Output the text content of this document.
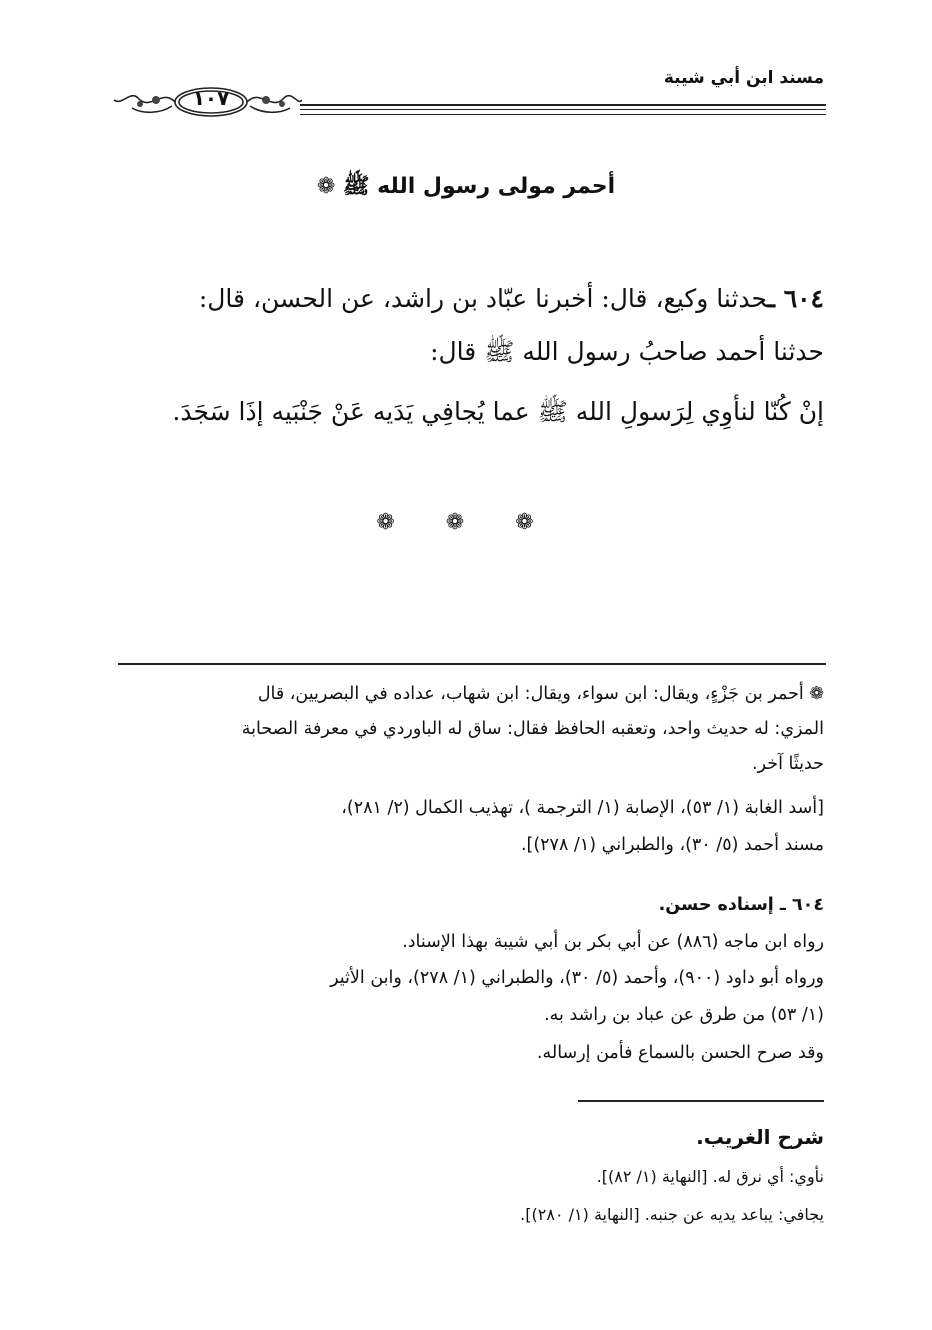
مسند ابن أبي شيبة
١٠٧
أحمر مولى رسول الله ﷺ ❁
٦٠٤ ـحدثنا وكيع، قال: أخبرنا عبّاد بن راشد، عن الحسن، قال:
حدثنا أحمد صاحبُ رسول الله ﷺ قال:
إنْ كُنّا لنأوِي لِرَسولِ الله ﷺ عما يُجافِي يَدَيه عَنْ جَنْبَيه إذَا سَجَدَ.
❁ ❁ ❁
❁ أحمر بن جَزْءٍ، ويقال: ابن سواء، ويقال: ابن شهاب، عداده في البصريين، قال
المزي: له حديث واحد، وتعقبه الحافظ فقال: ساق له الباوردي في معرفة الصحابة
حديثًا آخر.
[أسد الغابة (١/ ٥٣)، الإصابة (١/ الترجمة )، تهذيب الكمال (٢/ ٢٨١)،
مسند أحمد (٥/ ٣٠)، والطبراني (١/ ٢٧٨)].
٦٠٤ ـ إسناده حسن.
رواه ابن ماجه (٨٨٦) عن أبي بكر بن أبي شيبة بهذا الإسناد.
ورواه أبو داود (٩٠٠)، وأحمد (٥/ ٣٠)، والطبراني (١/ ٢٧٨)، وابن الأثير
(١/ ٥٣) من طرق عن عباد بن راشد به.
وقد صرح الحسن بالسماع فأمن إرساله.
شرح الغريب.
نأوي: أي نرق له. [النهاية (١/ ٨٢)].
يجافي: يباعد يديه عن جنبه. [النهاية (١/ ٢٨٠)].
